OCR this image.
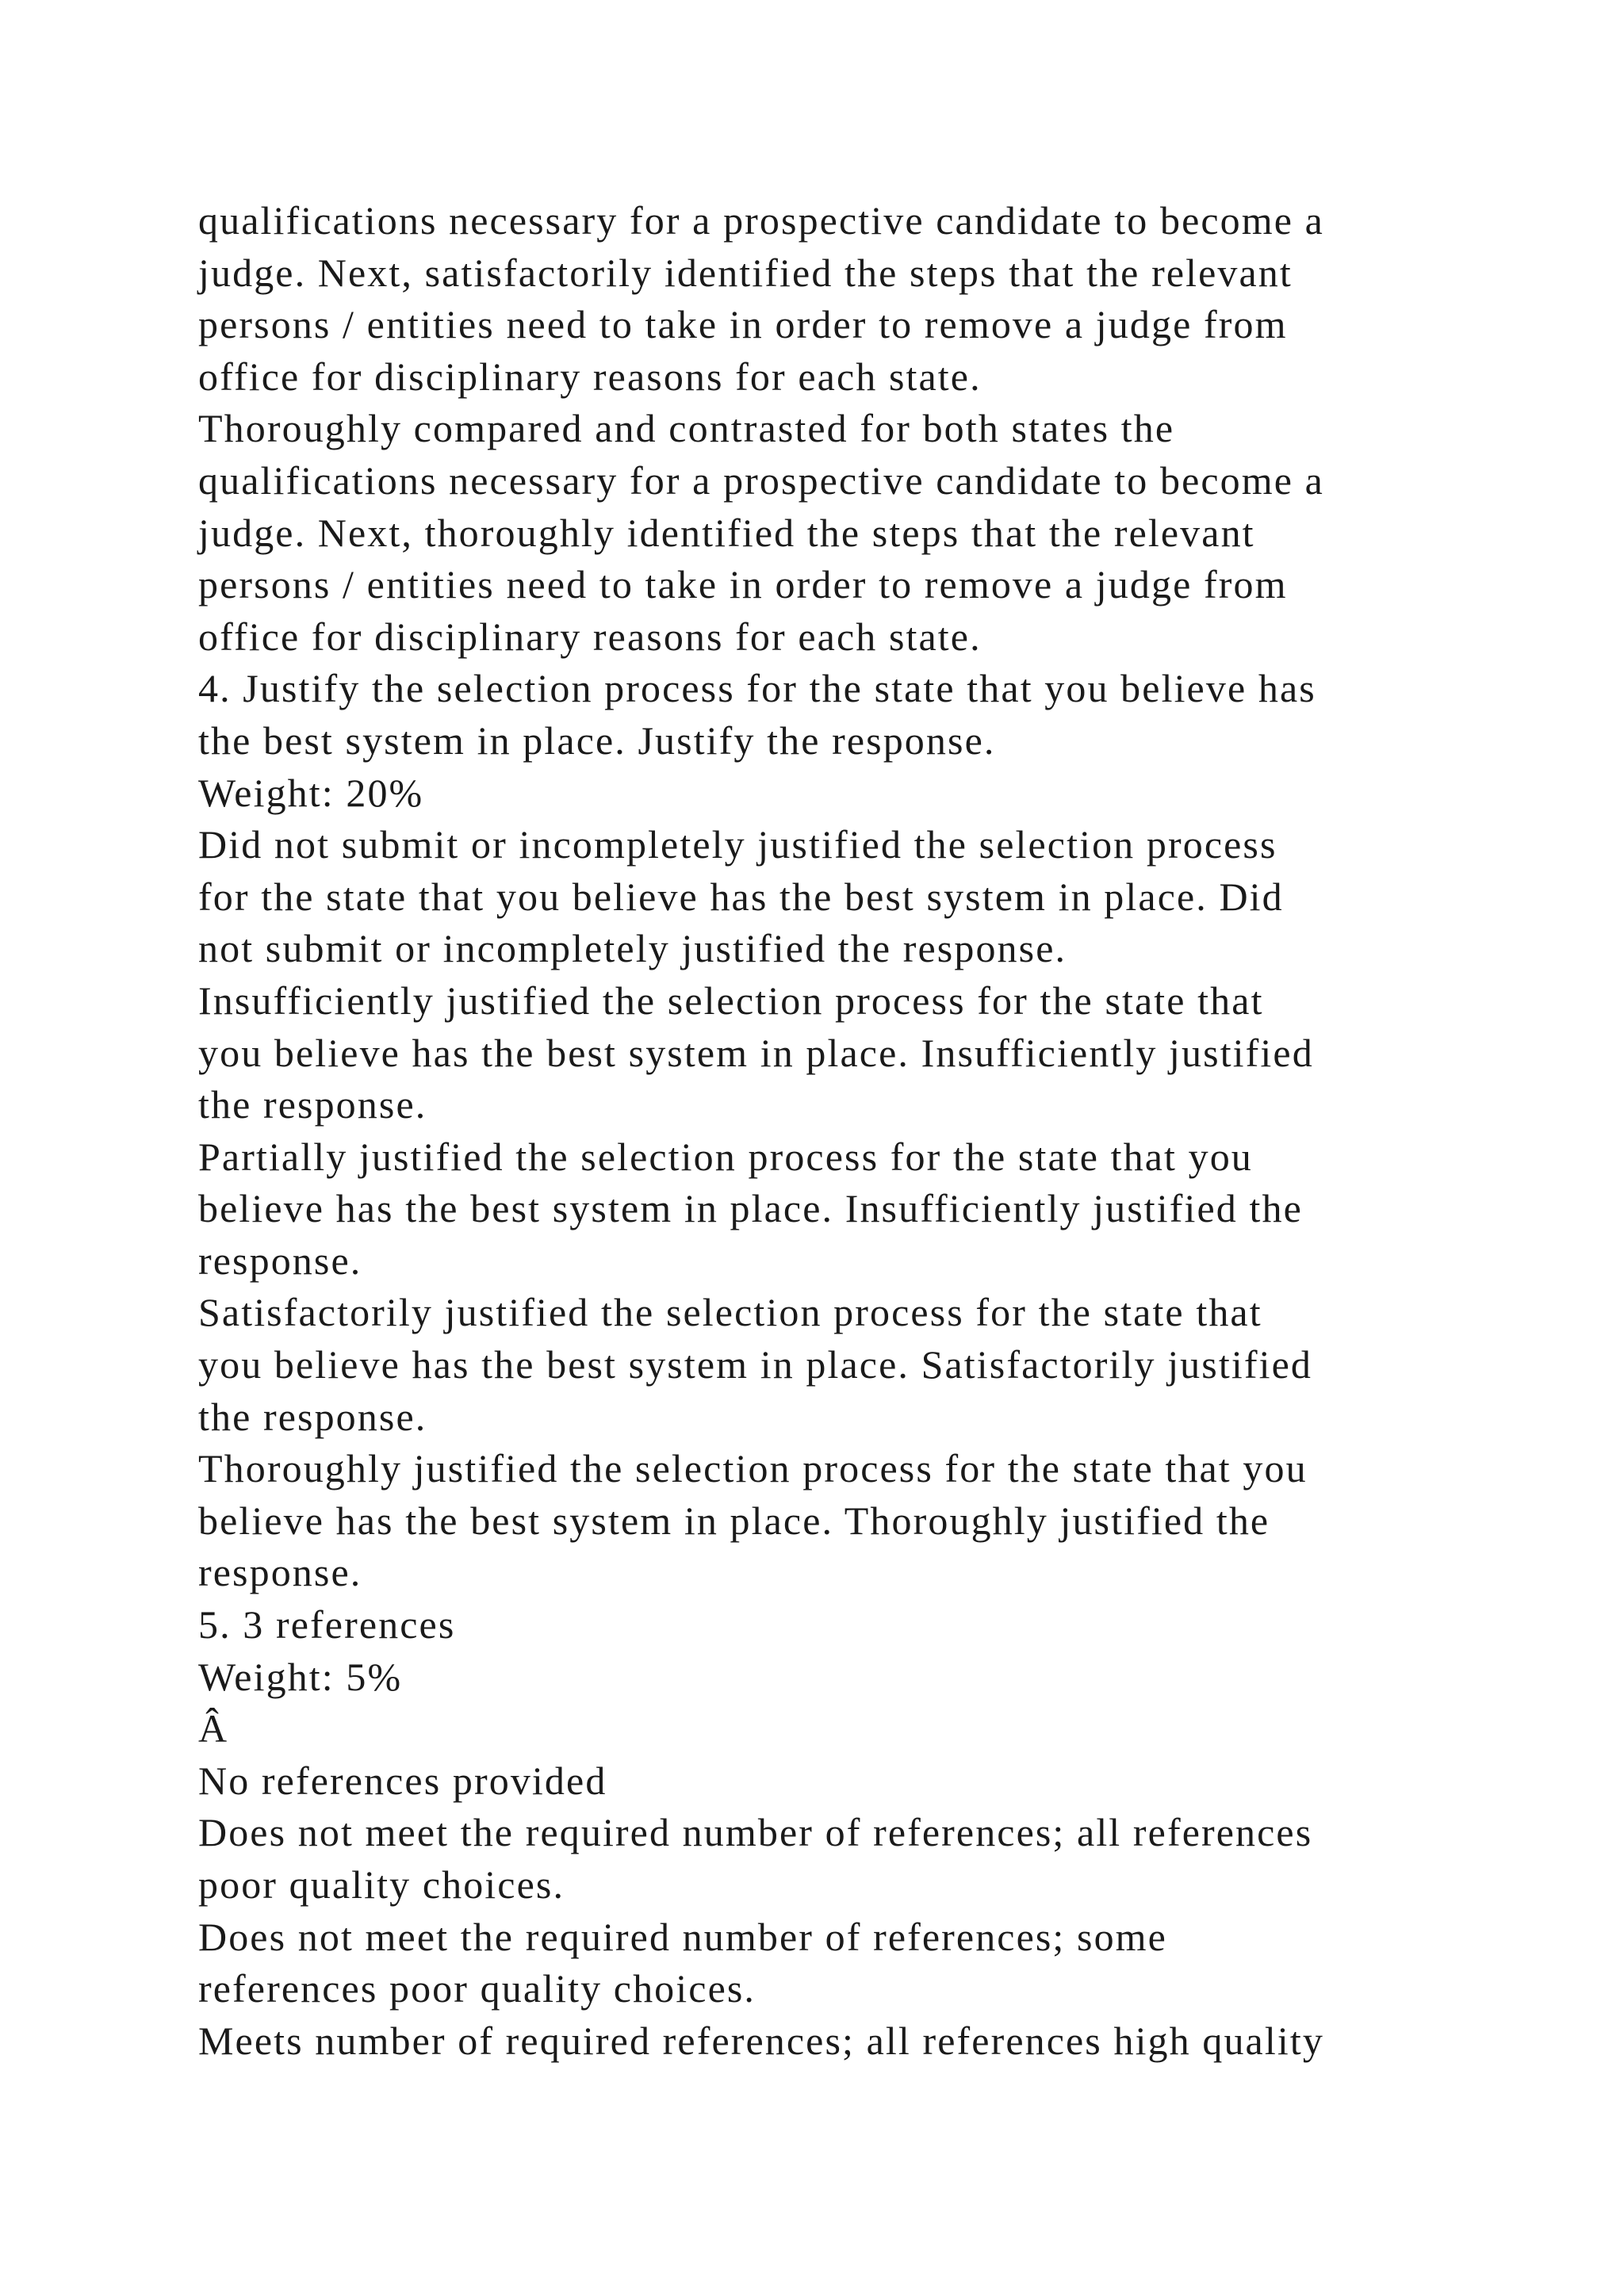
qualifications necessary for a prospective candidate to become a
judge. Next, satisfactorily identified the steps that the relevant
persons / entities need to take in order to remove a judge from
office for disciplinary reasons for each state.
Thoroughly compared and contrasted for both states the
qualifications necessary for a prospective candidate to become a
judge. Next, thoroughly identified the steps that the relevant
persons / entities need to take in order to remove a judge from
office for disciplinary reasons for each state.
4. Justify the selection process for the state that you believe has
the best system in place. Justify the response.
Weight: 20%
Did not submit or incompletely justified the selection process
for the state that you believe has the best system in place. Did
not submit or incompletely justified the response.
Insufficiently justified the selection process for the state that
you believe has the best system in place. Insufficiently justified
the response.
Partially justified the selection process for the state that you
believe has the best system in place. Insufficiently justified the
response.
Satisfactorily justified the selection process for the state that
you believe has the best system in place. Satisfactorily justified
the response.
Thoroughly justified the selection process for the state that you
believe has the best system in place. Thoroughly justified the
response.
5. 3 references
Weight: 5%
Â
No references provided
Does not meet the required number of references; all references
poor quality choices.
Does not meet the required number of references; some
references poor quality choices.
Meets number of required references; all references high quality
